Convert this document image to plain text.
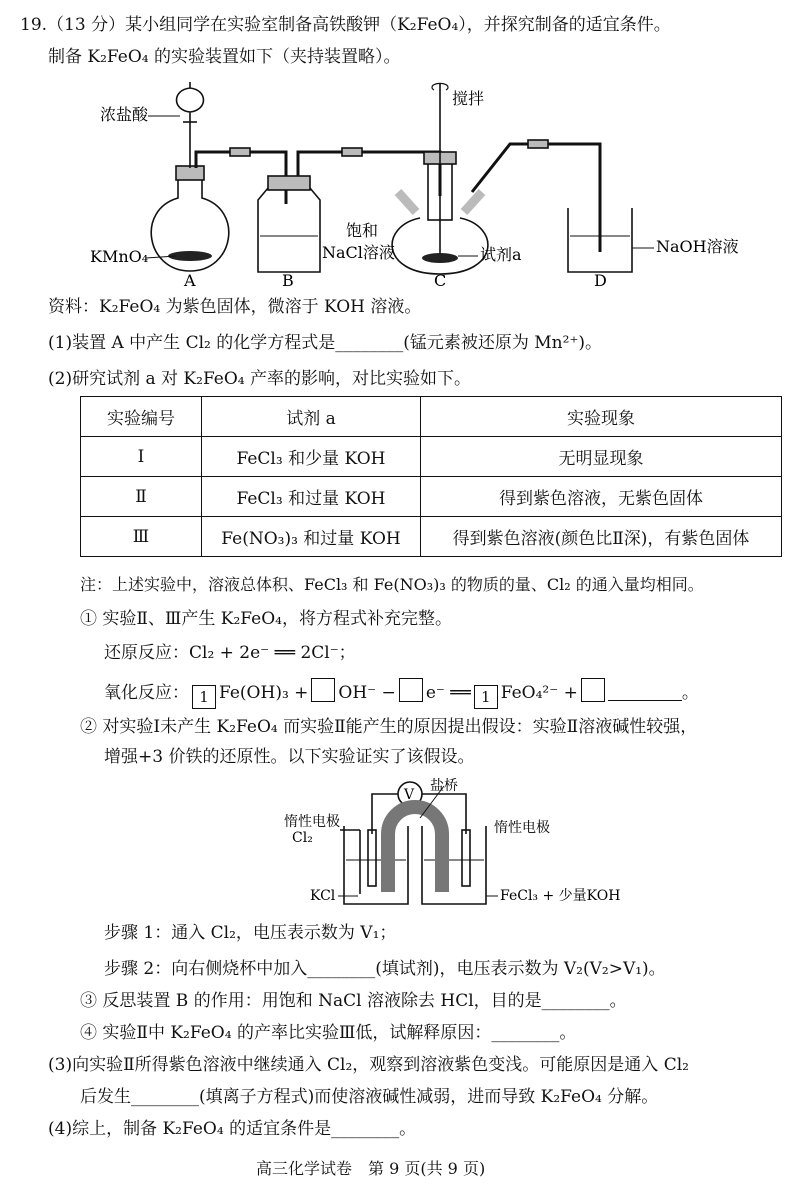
19.（13 分）某小组同学在实验室制备高铁酸钾（K₂FeO₄），并探究制备的适宜条件。
制备 K₂FeO₄ 的实验装置如下（夹持装置略）。
浓盐酸
搅拌
KMnO₄
饱和
NaCl溶液	试剂a	NaOH溶液
A	B	C	D
资料：K₂FeO₄ 为紫色固体，微溶于 KOH 溶液。
(1)装置 A 中产生 Cl₂ 的化学方程式是________(锰元素被还原为 Mn²⁺)。
(2)研究试剂 a 对 K₂FeO₄ 产率的影响，对比实验如下。
实验编号	试剂 a	实验现象
Ⅰ	FeCl₃ 和少量 KOH	无明显现象
Ⅱ	FeCl₃ 和过量 KOH	得到紫色溶液，无紫色固体
Ⅲ	Fe(NO₃)₃ 和过量 KOH	得到紫色溶液(颜色比Ⅱ深)，有紫色固体
注：上述实验中，溶液总体积、FeCl₃ 和 Fe(NO₃)₃ 的物质的量、Cl₂ 的通入量均相同。
① 实验Ⅱ、Ⅲ产生 K₂FeO₄，将方程式补充完整。
还原反应：Cl₂ + 2e⁻ ══ 2Cl⁻；
氧化反应： 1 Fe(OH)₃ + OH⁻ − e⁻ ══ 1 FeO₄²⁻ +	。
② 对实验Ⅰ未产生 K₂FeO₄ 而实验Ⅱ能产生的原因提出假设：实验Ⅱ溶液碱性较强，
增强+3 价铁的还原性。以下实验证实了该假设。
盐桥
V
惰性电极	惰性电极
Cl₂
KCl	FeCl₃ + 少量KOH
步骤 1：通入 Cl₂，电压表示数为 V₁；
步骤 2：向右侧烧杯中加入________(填试剂)，电压表示数为 V₂(V₂>V₁)。
③ 反思装置 B 的作用：用饱和 NaCl 溶液除去 HCl，目的是________。
④ 实验Ⅱ中 K₂FeO₄ 的产率比实验Ⅲ低，试解释原因：________。
(3)向实验Ⅱ所得紫色溶液中继续通入 Cl₂，观察到溶液紫色变浅。可能原因是通入 Cl₂
后发生________(填离子方程式)而使溶液碱性减弱，进而导致 K₂FeO₄ 分解。
(4)综上，制备 K₂FeO₄ 的适宜条件是________。
高三化学试卷　第 9 页(共 9 页)
